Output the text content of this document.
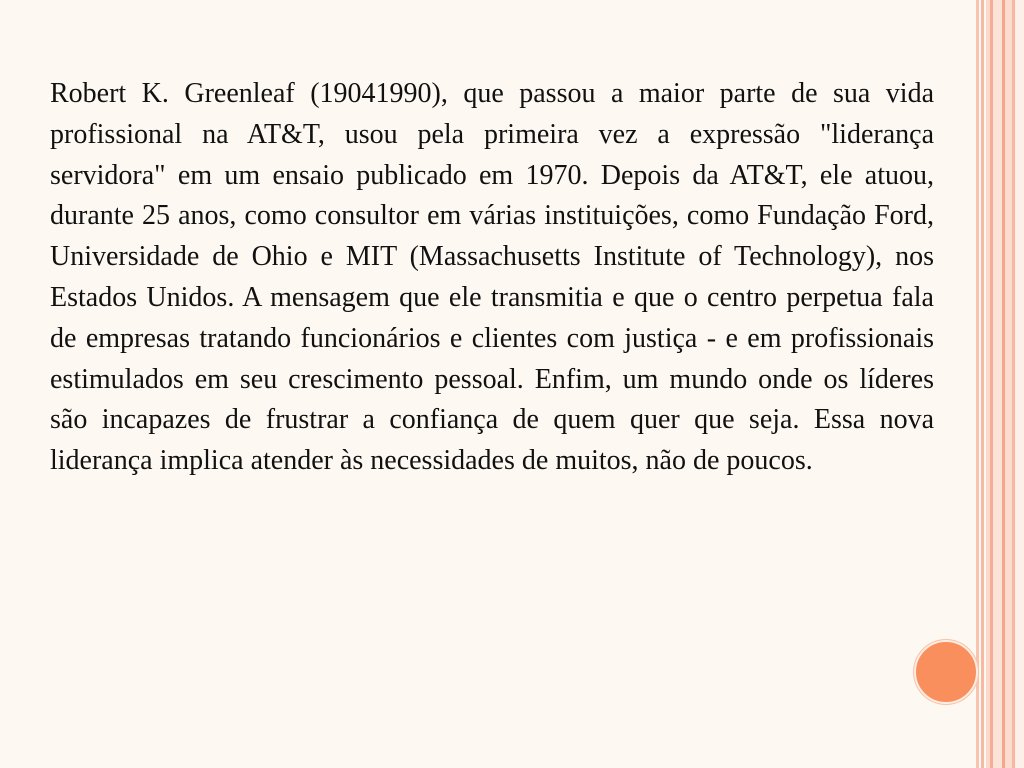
Robert K. Greenleaf (19041990), que passou a maior parte de sua vida profissional na AT&T, usou pela primeira vez a expressão "liderança servidora" em um ensaio publicado em 1970. Depois da AT&T, ele atuou, durante 25 anos, como consultor em várias instituições, como Fundação Ford, Universidade de Ohio e MIT (Massachusetts Institute of Technology), nos Estados Unidos. A mensagem que ele transmitia e que o centro perpetua fala de empresas tratando funcionários e clientes com justiça - e em profissionais estimulados em seu crescimento pessoal. Enfim, um mundo onde os líderes são incapazes de frustrar a confiança de quem quer que seja. Essa nova liderança implica atender às necessidades de muitos, não de poucos.
